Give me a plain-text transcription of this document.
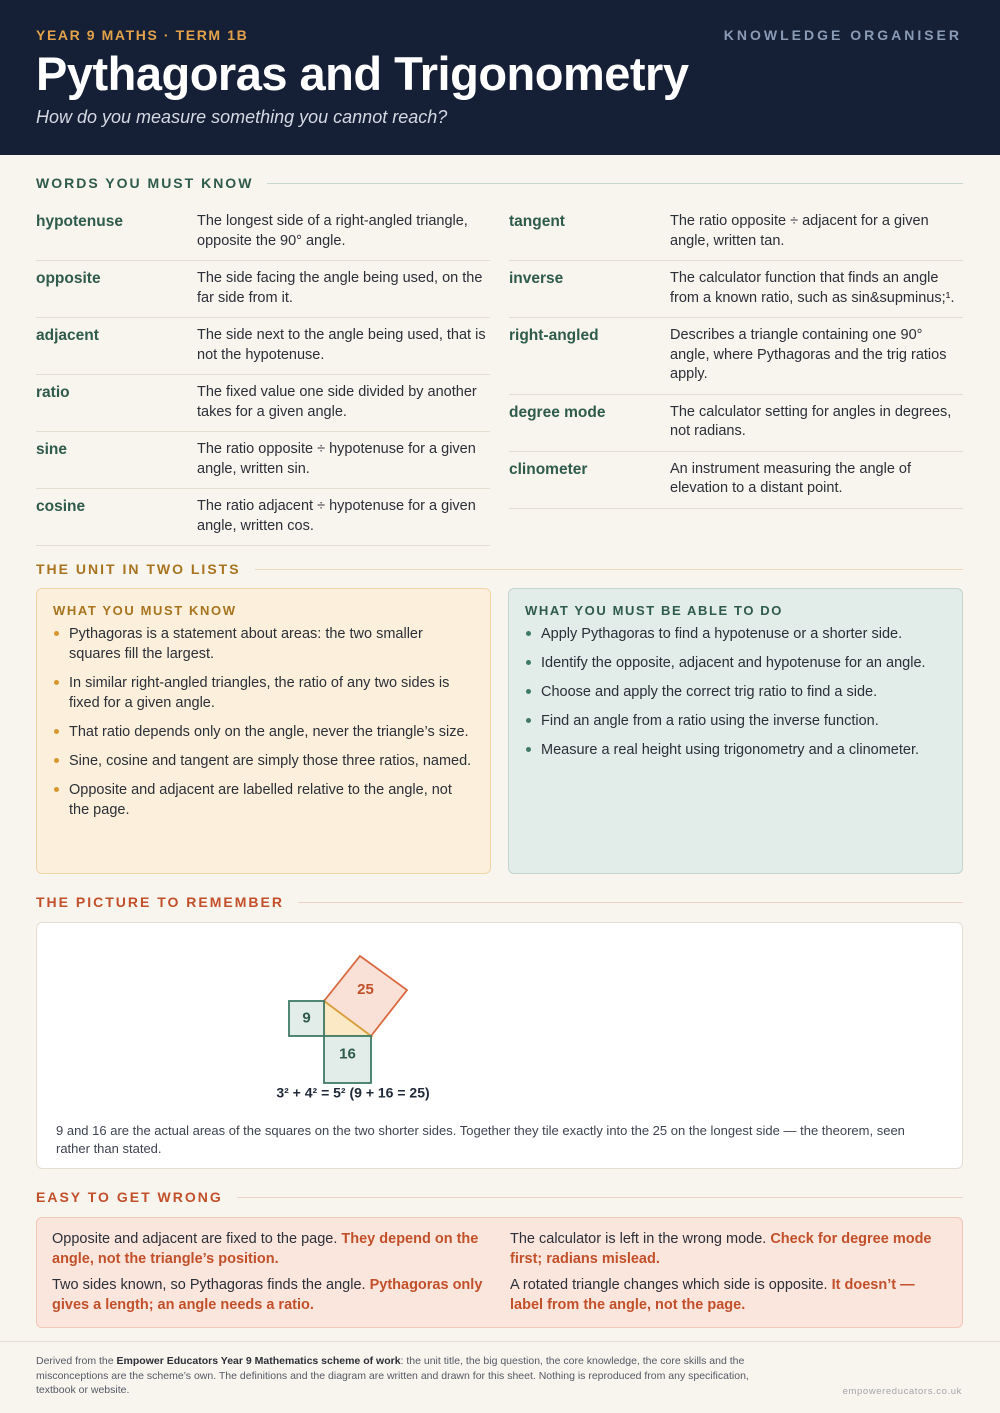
YEAR 9 MATHS · TERM 1B	KNOWLEDGE ORGANISER
Pythagoras and Trigonometry
How do you measure something you cannot reach?
WORDS YOU MUST KNOW
hypotenuse	The longest side of a right-angled triangle, opposite the 90° angle.
opposite	The side facing the angle being used, on the far side from it.
adjacent	The side next to the angle being used, that is not the hypotenuse.
ratio	The fixed value one side divided by another takes for a given angle.
sine	The ratio opposite ÷ hypotenuse for a given angle, written sin.
cosine	The ratio adjacent ÷ hypotenuse for a given angle, written cos.
tangent	The ratio opposite ÷ adjacent for a given angle, written tan.
inverse	The calculator function that finds an angle from a known ratio, such as sin&supminus;¹.
right-angled	Describes a triangle containing one 90° angle, where Pythagoras and the trig ratios apply.
degree mode	The calculator setting for angles in degrees, not radians.
clinometer	An instrument measuring the angle of elevation to a distant point.
THE UNIT IN TWO LISTS
WHAT YOU MUST KNOW
Pythagoras is a statement about areas: the two smaller squares fill the largest.
In similar right-angled triangles, the ratio of any two sides is fixed for a given angle.
That ratio depends only on the angle, never the triangle’s size.
Sine, cosine and tangent are simply those three ratios, named.
Opposite and adjacent are labelled relative to the angle, not the page.
WHAT YOU MUST BE ABLE TO DO
Apply Pythagoras to find a hypotenuse or a shorter side.
Identify the opposite, adjacent and hypotenuse for an angle.
Choose and apply the correct trig ratio to find a side.
Find an angle from a ratio using the inverse function.
Measure a real height using trigonometry and a clinometer.
THE PICTURE TO REMEMBER
9
16
25
3² + 4² = 5² (9 + 16 = 25)
9 and 16 are the actual areas of the squares on the two shorter sides. Together they tile exactly into the 25 on the longest side — the theorem, seen rather than stated.
EASY TO GET WRONG
Opposite and adjacent are fixed to the page. They depend on the angle, not the triangle’s position.
The calculator is left in the wrong mode. Check for degree mode first; radians mislead.
Two sides known, so Pythagoras finds the angle. Pythagoras only gives a length; an angle needs a ratio.
A rotated triangle changes which side is opposite. It doesn’t — label from the angle, not the page.
Derived from the Empower Educators Year 9 Mathematics scheme of work: the unit title, the big question, the core knowledge, the core skills and the misconceptions are the scheme’s own. The definitions and the diagram are written and drawn for this sheet. Nothing is reproduced from any specification, textbook or website.	empowereducators.co.uk
